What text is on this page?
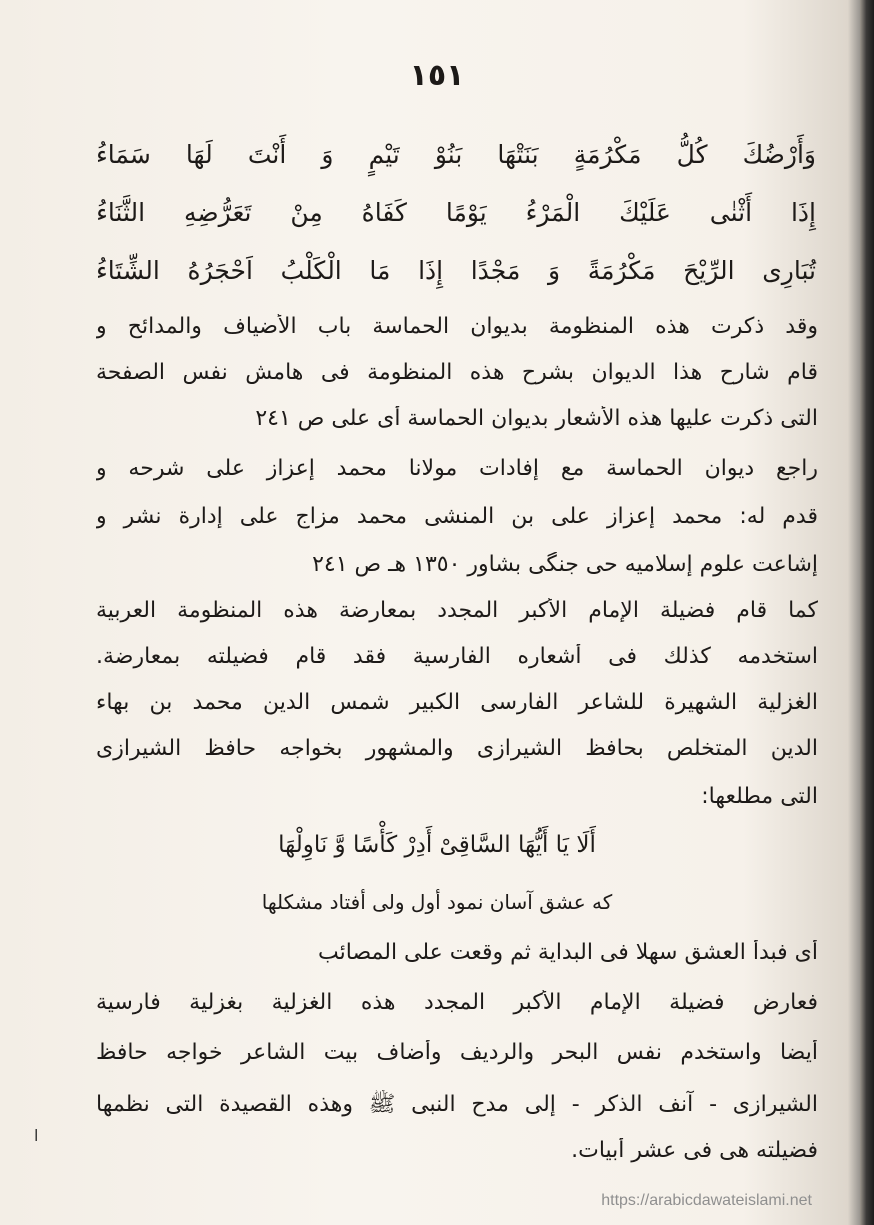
١٥١
وَأَرْضُكَ
كُلُّ
مَكْرُمَةٍ
بَنَتْهَا
بَنُوْ
تَيْمٍ
وَ
أَنْتَ
لَهَا
سَمَاءُ
إِذَا
أَثْنٰى
عَلَيْكَ
الْمَرْءُ
يَوْمًا
كَفَاهُ
مِنْ
تَعَرُّضِهِ
الثَّنَاءُ
تُبَارِى
الرِّيْحَ
مَكْرُمَةً
وَ
مَجْدًا
إِذَا
مَا
الْكَلْبُ
اَحْجَرُهُ
الشِّتَاءُ
وقد ذكرت هذه المنظومة بديوان الحماسة باب الأضياف والمدائح و
قام شارح هذا الديوان بشرح هذه المنظومة فى هامش نفس الصفحة
التى ذكرت عليها هذه الأشعار بديوان الحماسة أى على ص ٢٤١
راجع ديوان الحماسة مع إفادات مولانا محمد إعزاز على شرحه و
قدم له: محمد إعزاز على بن المنشى محمد مزاج على إدارة نشر و
إشاعت علوم إسلاميه حى جنگى بشاور ١٣٥٠ هـ ص ٢٤١
كما قام فضيلة الإمام الأكبر المجدد بمعارضة هذه المنظومة العربية
استخدمه كذلك فى أشعاره الفارسية فقد قام فضيلته بمعارضة.
الغزلية الشهيرة للشاعر الفارسى الكبير شمس الدين محمد بن بهاء
الدين المتخلص بحافظ الشيرازى والمشهور بخواجه حافظ الشيرازى
التى مطلعها:
أَلَا يَا أَيُّهَا السَّاقِىْ أَدِرْ كَأْسًا وَّ نَاوِلْهَا
كه عشق آسان نمود أول ولى أفتاد مشكلها
أى فبدأ العشق سهلا فى البداية ثم وقعت على المصائب
فعارض فضيلة الإمام الأكبر المجدد هذه الغزلية بغزلية فارسية
أيضا واستخدم نفس البحر والرديف وأضاف بيت الشاعر خواجه حافظ
الشيرازى - آنف الذكر - إلى مدح النبى ﷺ وهذه القصيدة التى نظمها
فضيلته هى فى عشر أبيات.
ا
https://arabicdawateislami.net
